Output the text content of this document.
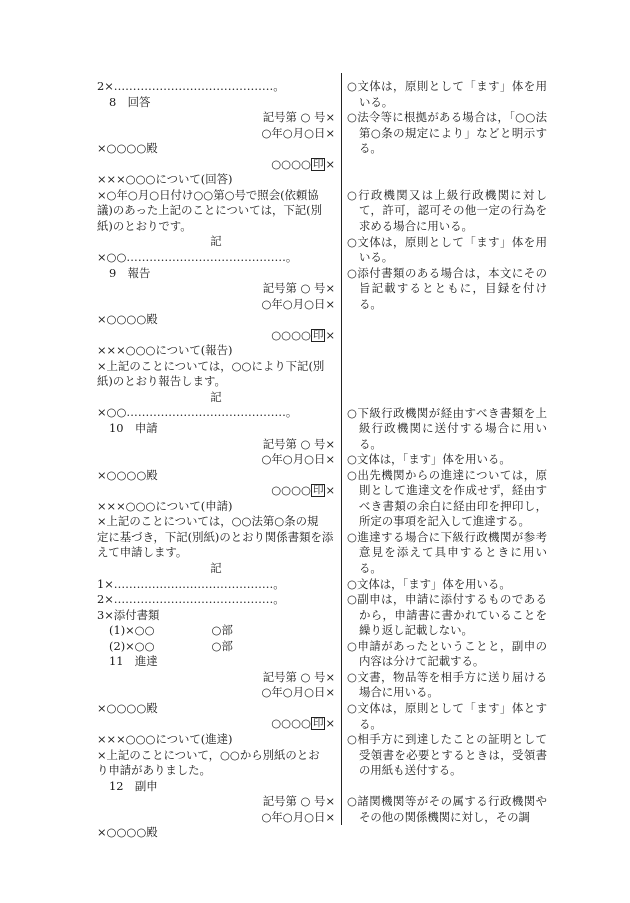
2×……………………………………。
8　回答
記号第 ○ 号×
○年○月○日×
×○○○○殿
○○○○ 印 ×
×××○○○について(回答)
×○年○月○日付け○○第○号で照会(依頼協
議)のあった上記のことについては，下記(別
紙)のとおりです。
記
×○○……………………………………。
9　報告
記号第 ○ 号×
○年○月○日×
×○○○○殿
○○○○ 印 ×
×××○○○について(報告)
×上記のことについては，○○により下記(別
紙)のとおり報告します。
記
×○○……………………………………。
10　申請
記号第 ○ 号×
○年○月○日×
×○○○○殿
○○○○ 印 ×
×××○○○について(申請)
×上記のことについては，○○法第○条の規
定に基づき，下記(別紙)のとおり関係書類を添
えて申請します。
記
1×……………………………………。
2×……………………………………。
3×添付書類
(1)×○○　　　　　○部
(2)×○○　　　　　○部
11　進達
記号第 ○ 号×
○年○月○日×
×○○○○殿
○○○○ 印 ×
×××○○○について(進達)
×上記のことについて，○○から別紙のとお
り申請がありました。
12　副申
記号第 ○ 号×
○年○月○日×
×○○○○殿
○文体は，原則として「ます」体を用いる。
○法令等に根拠がある場合は，「○○法第○条の規定により」などと明示する。
○行政機関又は上級行政機関に対して，許可，認可その他一定の行為を求める場合に用いる。
○文体は，原則として「ます」体を用いる。
○添付書類のある場合は，本文にその旨記載するとともに，目録を付ける。
○下級行政機関が経由すべき書類を上級行政機関に送付する場合に用いる。
○文体は，「ます」体を用いる。
○出先機関からの進達については，原則として進達文を作成せず，経由すべき書類の余白に経由印を押印し，所定の事項を記入して進達する。
○進達する場合に下級行政機関が参考意見を添えて具申するときに用いる。
○文体は，「ます」体を用いる。
○副申は，申請に添付するものであるから，申請書に書かれていることを繰り返し記載しない。
○申請があったということと，副申の内容は分けて記載する。
○文書，物品等を相手方に送り届ける場合に用いる。
○文体は，原則として「ます」体とする。
○相手方に到達したことの証明として受領書を必要とするときは，受領書の用紙も送付する。
○諸関機関等がその属する行政機関やその他の関係機関に対し，その調
